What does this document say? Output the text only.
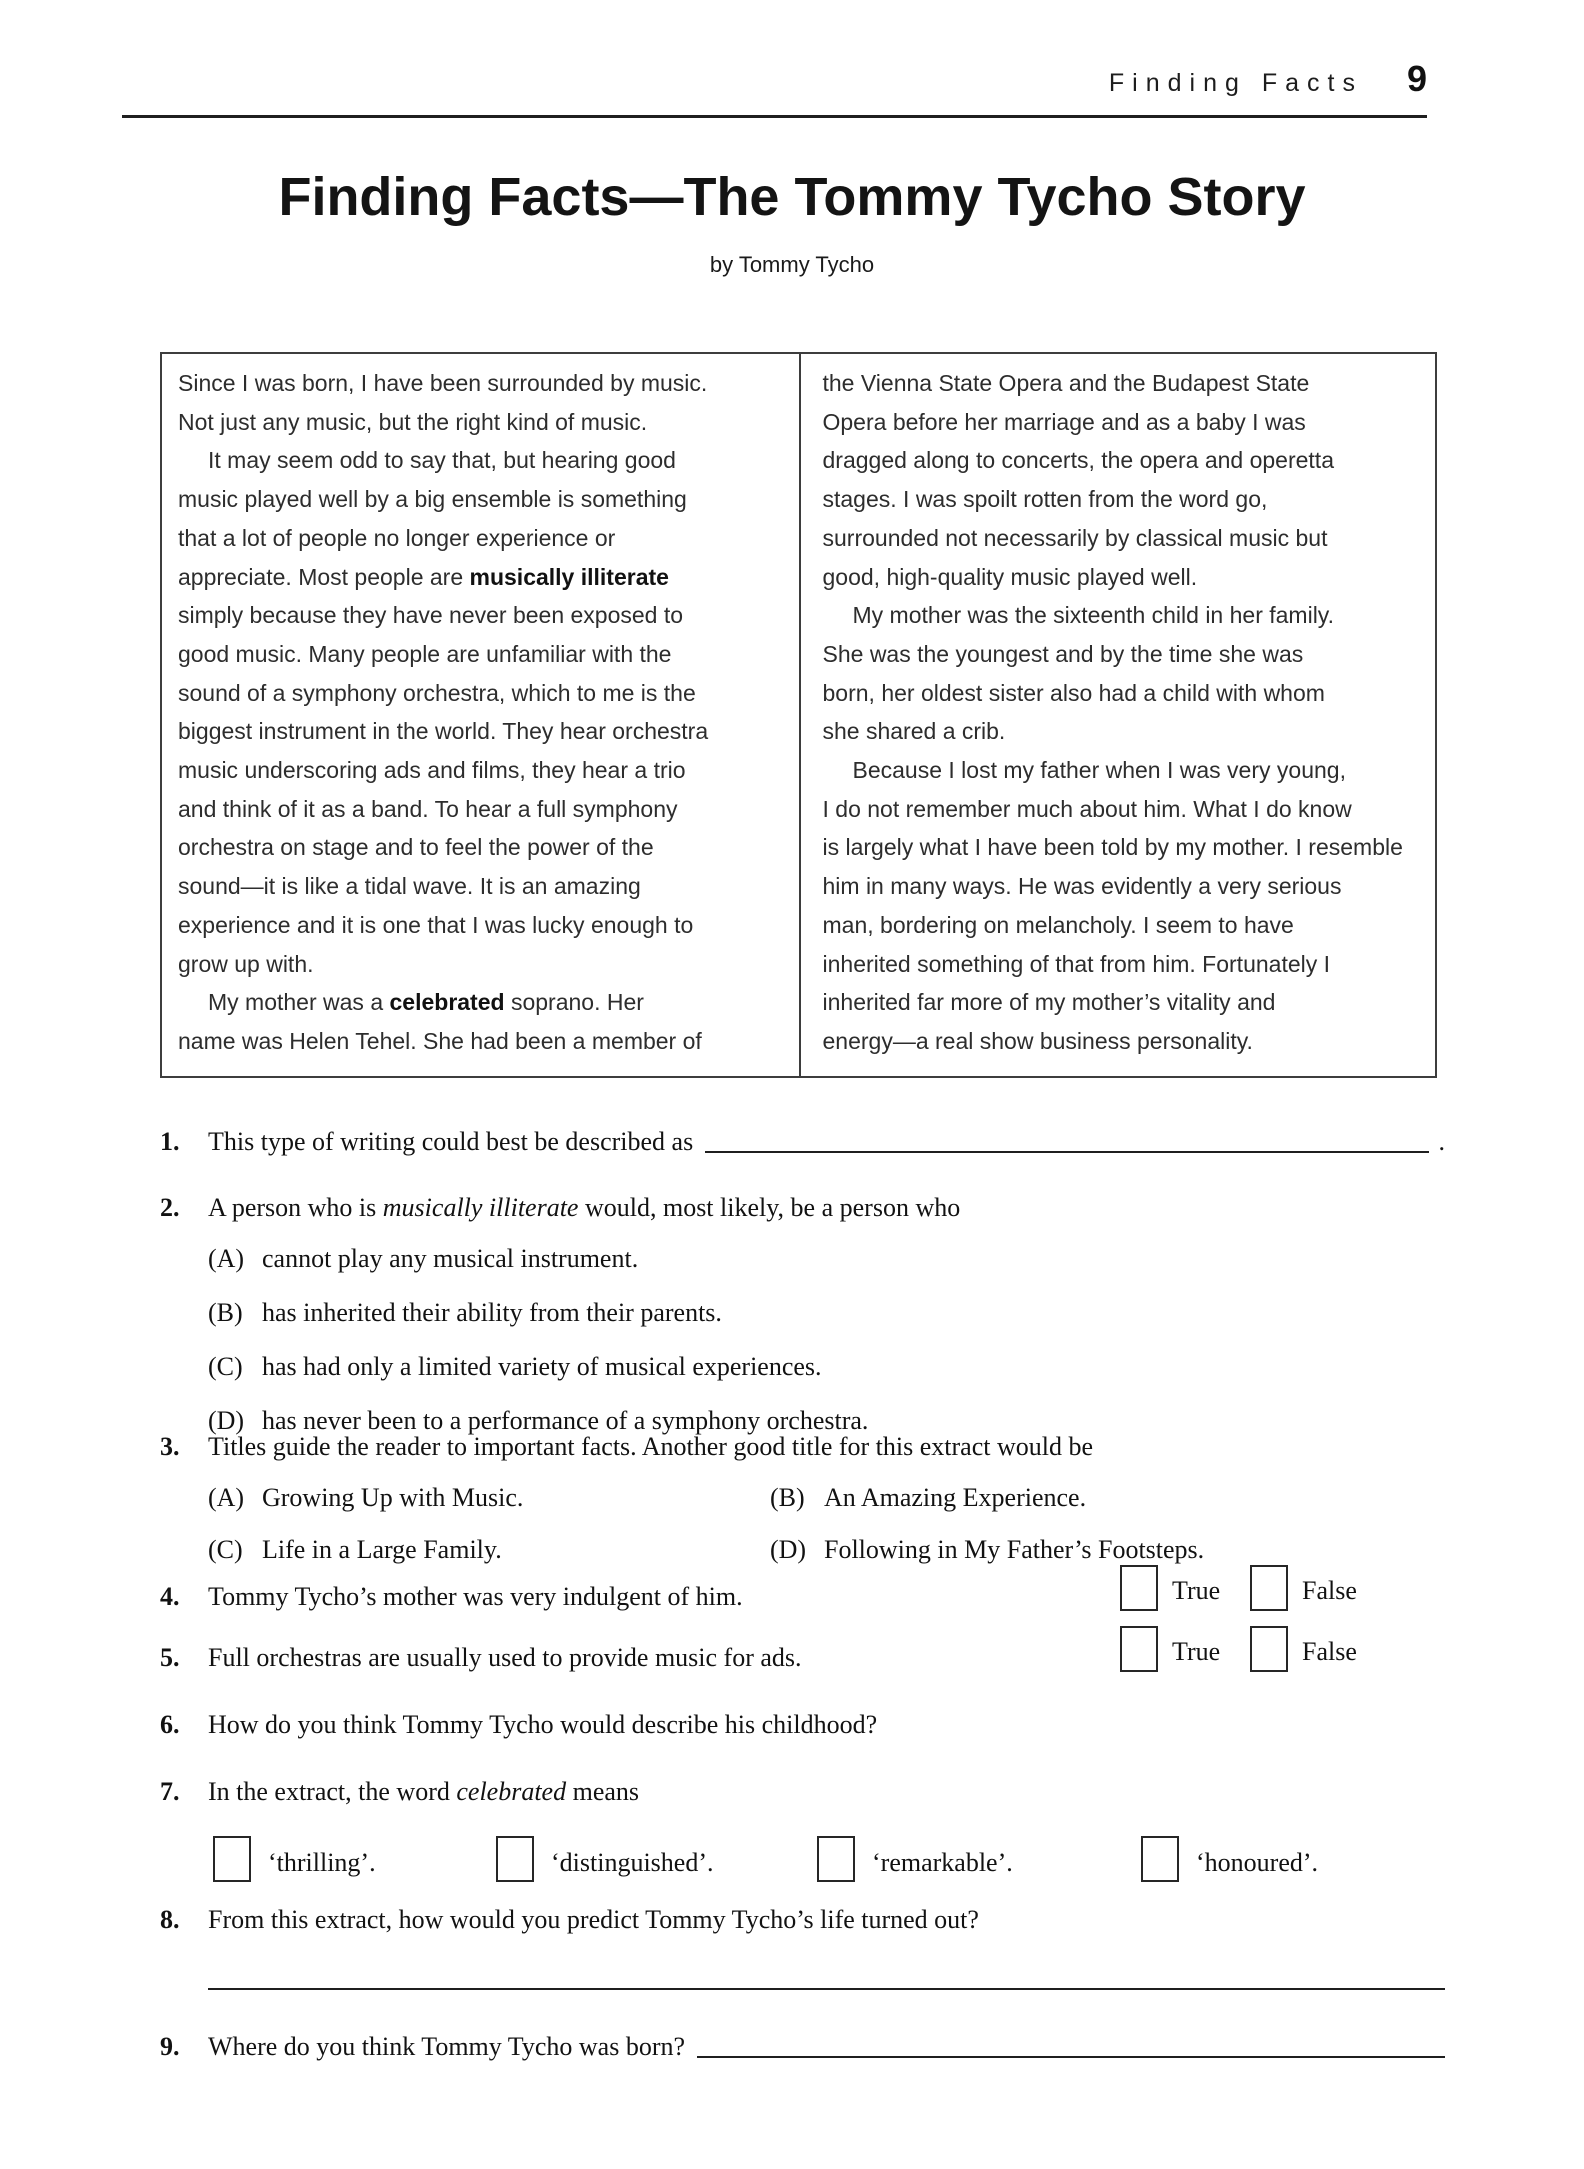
Finding Facts 9
Finding Facts—The Tommy Tycho Story
by Tommy Tycho
Since I was born, I have been surrounded by music.
Not just any music, but the right kind of music.
It may seem odd to say that, but hearing good
music played well by a big ensemble is something
that a lot of people no longer experience or
appreciate. Most people are musically illiterate
simply because they have never been exposed to
good music. Many people are unfamiliar with the
sound of a symphony orchestra, which to me is the
biggest instrument in the world. They hear orchestra
music underscoring ads and films, they hear a trio
and think of it as a band. To hear a full symphony
orchestra on stage and to feel the power of the
sound—it is like a tidal wave. It is an amazing
experience and it is one that I was lucky enough to
grow up with.
My mother was a celebrated soprano. Her
name was Helen Tehel. She had been a member of
the Vienna State Opera and the Budapest State
Opera before her marriage and as a baby I was
dragged along to concerts, the opera and operetta
stages. I was spoilt rotten from the word go,
surrounded not necessarily by classical music but
good, high-quality music played well.
My mother was the sixteenth child in her family.
She was the youngest and by the time she was
born, her oldest sister also had a child with whom
she shared a crib.
Because I lost my father when I was very young,
I do not remember much about him. What I do know
is largely what I have been told by my mother. I resemble
him in many ways. He was evidently a very serious
man, bordering on melancholy. I seem to have
inherited something of that from him. Fortunately I
inherited far more of my mother’s vitality and
energy—a real show business personality.
1.	This type of writing could best be described as	.
2.	A person who is musically illiterate would, most likely, be a person who
(A) cannot play any musical instrument.
(B) has inherited their ability from their parents.
(C) has had only a limited variety of musical experiences.
(D) has never been to a performance of a symphony orchestra.
3.	Titles guide the reader to important facts. Another good title for this extract would be
(A) Growing Up with Music.	(B) An Amazing Experience.
(C) Life in a Large Family.	(D) Following in My Father’s Footsteps.
4.	Tommy Tycho’s mother was very indulgent of him.	True	False
5.	Full orchestras are usually used to provide music for ads.	True	False
6.	How do you think Tommy Tycho would describe his childhood?
7.	In the extract, the word celebrated means
‘thrilling’.	‘distinguished’.	‘remarkable’.	‘honoured’.
8.	From this extract, how would you predict Tommy Tycho’s life turned out?
9.	Where do you think Tommy Tycho was born?
